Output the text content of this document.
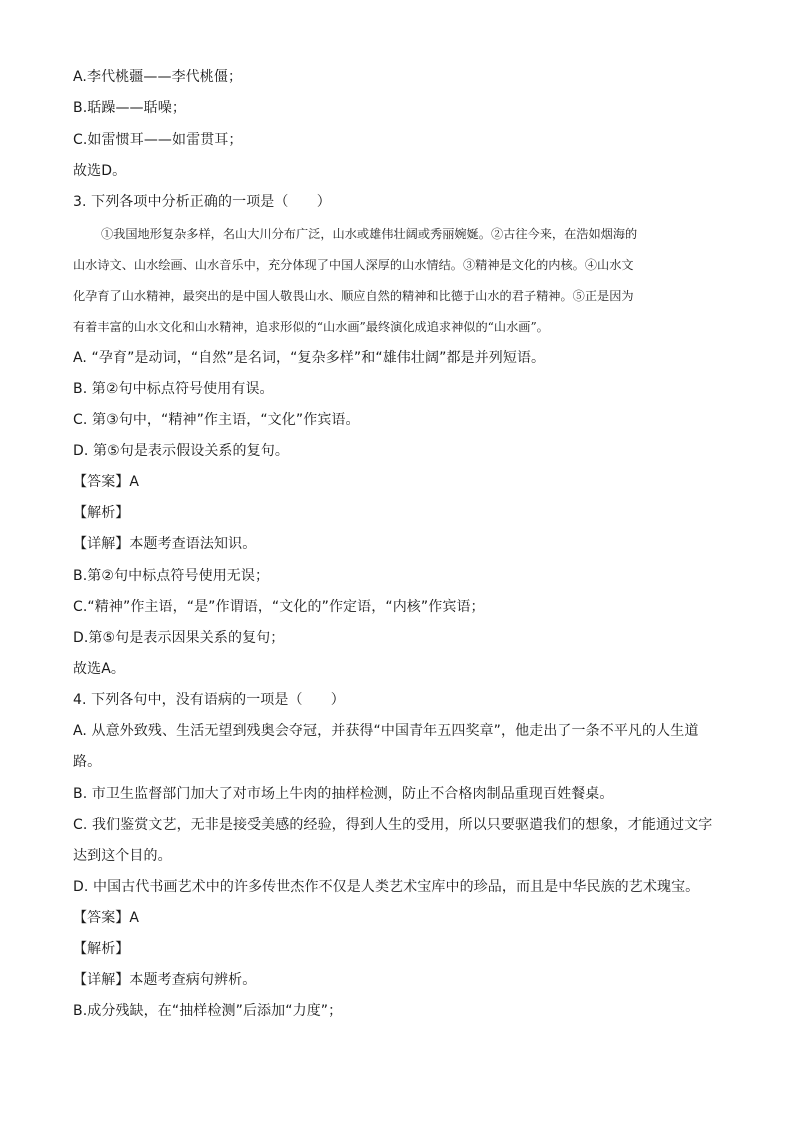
A.李代桃疆——李代桃僵；
B.聒躁——聒噪；
C.如雷惯耳——如雷贯耳；
故选D。
3. 下列各项中分析正确的一项是（　　）
①我国地形复杂多样，名山大川分布广泛，山水或雄伟壮阔或秀丽婉娫。②古往今来，在浩如烟海的
山水诗文、山水绘画、山水音乐中，充分体现了中国人深厚的山水情结。③精神是文化的内核。④山水文
化孕育了山水精神，最突出的是中国人敬畏山水、顺应自然的精神和比德于山水的君子精神。⑤正是因为
有着丰富的山水文化和山水精神，追求形似的“山水画”最终演化成追求神似的“山水画”。
A. “孕育”是动词，“自然”是名词，“复杂多样”和“雄伟壮阔”都是并列短语。
B. 第②句中标点符号使用有误。
C. 第③句中，“精神”作主语，“文化”作宾语。
D. 第⑤句是表示假设关系的复句。
【答案】A
【解析】
【详解】本题考查语法知识。
B.第②句中标点符号使用无误；
C.“精神”作主语，“是”作谓语，“文化的”作定语，“内核”作宾语；
D.第⑤句是表示因果关系的复句；
故选A。
4. 下列各句中，没有语病的一项是（　　）
A. 从意外致残、生活无望到残奥会夺冠，并获得“中国青年五四奖章”，他走出了一条不平凡的人生道
路。
B. 市卫生监督部门加大了对市场上牛肉的抽样检测，防止不合格肉制品重现百姓餐桌。
C. 我们鉴赏文艺，无非是接受美感的经验，得到人生的受用，所以只要驱遣我们的想象，才能通过文字
达到这个目的。
D. 中国古代书画艺术中的许多传世杰作不仅是人类艺术宝库中的珍品，而且是中华民族的艺术瑰宝。
【答案】A
【解析】
【详解】本题考查病句辨析。
B.成分残缺，在“抽样检测”后添加“力度”；
